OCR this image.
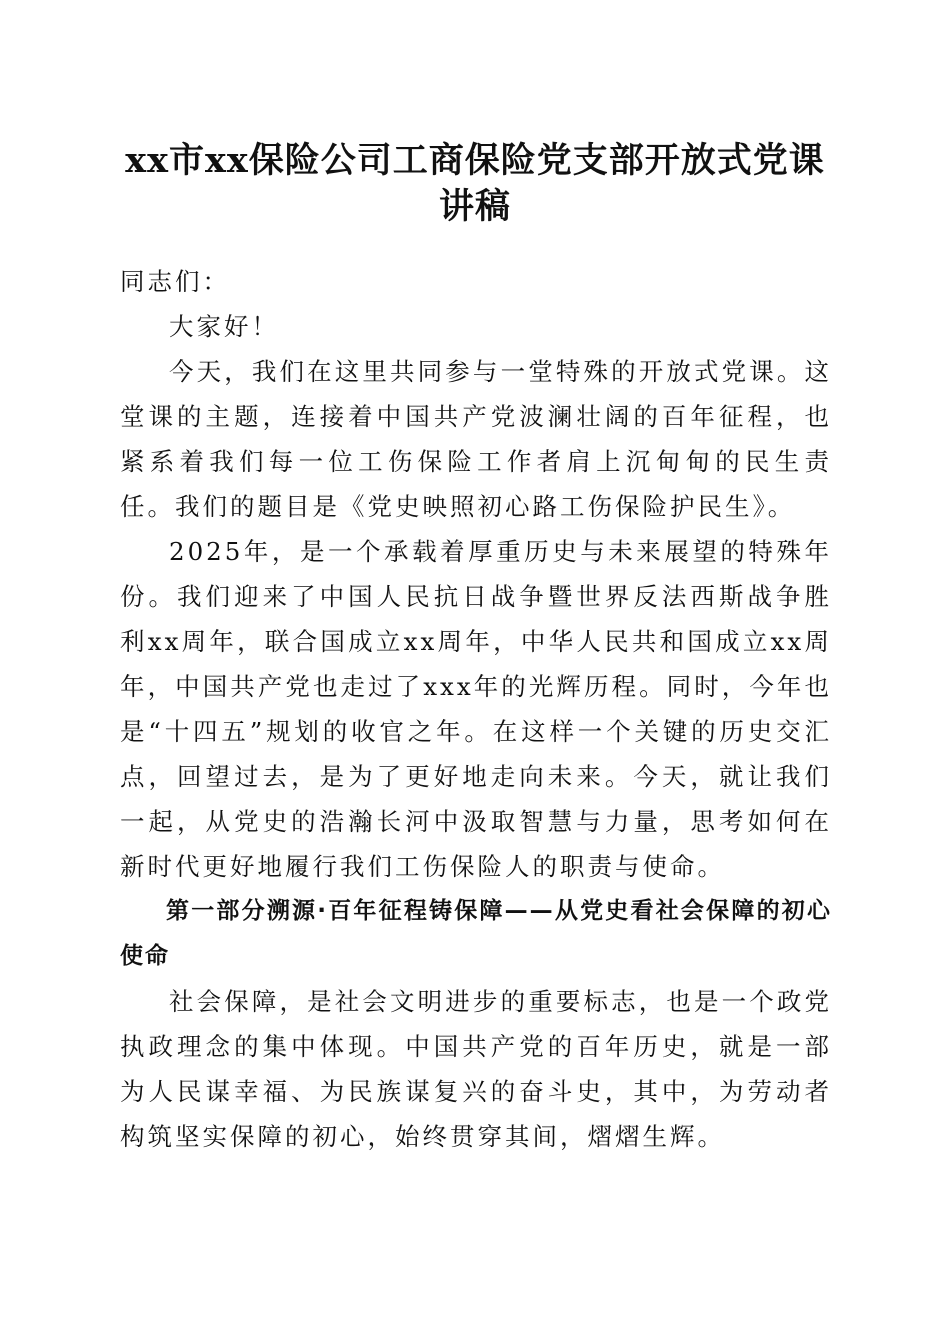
xx市xx保险公司工商保险党支部开放式党课
讲稿

同志们：

大家好！

今天，我们在这里共同参与一堂特殊的开放式党课。这堂课的主题，连接着中国共产党波澜壮阔的百年征程，也紧系着我们每一位工伤保险工作者肩上沉甸甸的民生责任。我们的题目是《党史映照初心路工伤保险护民生》。

2025年，是一个承载着厚重历史与未来展望的特殊年份。我们迎来了中国人民抗日战争暨世界反法西斯战争胜利xx周年，联合国成立xx周年，中华人民共和国成立xx周年，中国共产党也走过了xxx年的光辉历程。同时，今年也是“十四五”规划的收官之年。在这样一个关键的历史交汇点，回望过去，是为了更好地走向未来。今天，就让我们一起，从党史的浩瀚长河中汲取智慧与力量，思考如何在新时代更好地履行我们工伤保险人的职责与使命。

第一部分溯源·百年征程铸保障——从党史看社会保障的初心使命

社会保障，是社会文明进步的重要标志，也是一个政党执政理念的集中体现。中国共产党的百年历史，就是一部为人民谋幸福、为民族谋复兴的奋斗史，其中，为劳动者构筑坚实保障的初心，始终贯穿其间，熠熠生辉。
